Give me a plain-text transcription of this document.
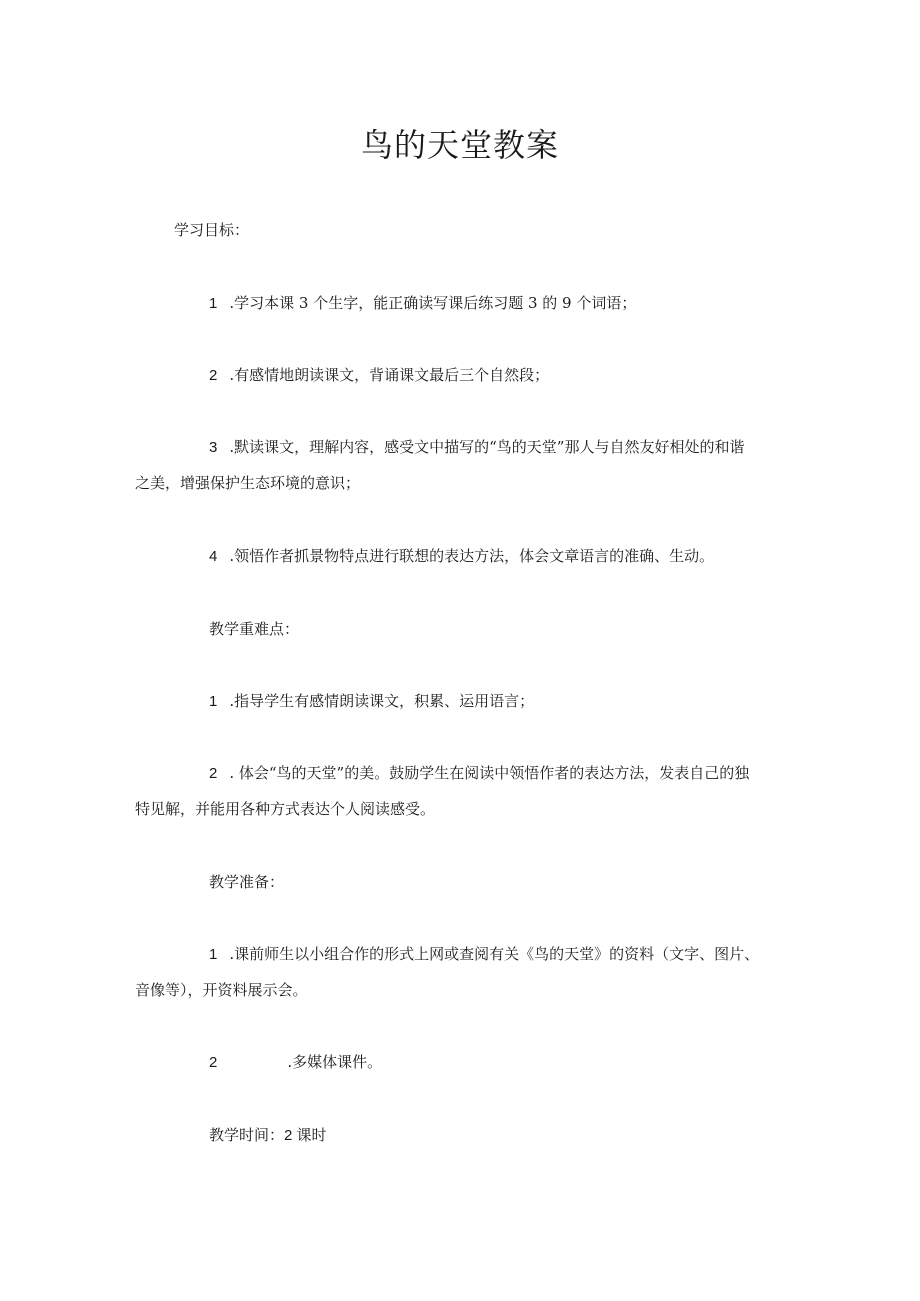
鸟的天堂教案
学习目标：
1 .学习本课 3 个生字，能正确读写课后练习题 3 的 9 个词语；
2 .有感情地朗读课文，背诵课文最后三个自然段；
3 .默读课文，理解内容，感受文中描写的“鸟的天堂”那人与自然友好相处的和谐
之美，增强保护生态环境的意识；
4 .领悟作者抓景物特点进行联想的表达方法，体会文章语言的准确、生动。
教学重难点：
1 .指导学生有感情朗读课文，积累、运用语言；
2 . 体会“鸟的天堂”的美。鼓励学生在阅读中领悟作者的表达方法，发表自己的独
特见解，并能用各种方式表达个人阅读感受。
教学准备：
1 .课前师生以小组合作的形式上网或查阅有关《鸟的天堂》的资料（文字、图片、
音像等），开资料展示会。
2	.多媒体课件。
教学时间：2 课时
